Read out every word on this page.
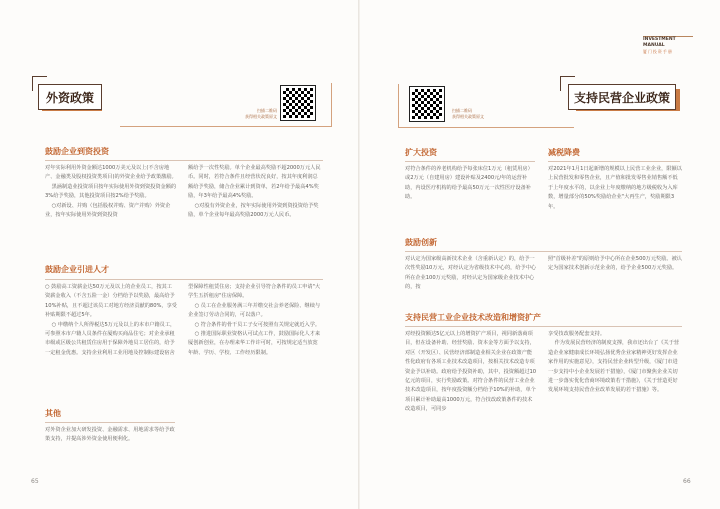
外资政策
扫描二维码
获得相关政策原文
鼓励企业到资投资
对年实际利用外资金额达1000万美元及以上(不含房地产、金融类及股权投资类项目)的外资企业给予政策激励。
黑涵制造业投资项目按年实际使用外资到资投资金额的3%给予奖励，其他投资项目按2%给予奖励。
○对新设、并购（包括股权并购、资产并购）外资企业，按年实际使用外资到资投资
额给予一次性奖励。单个企业最高奖励不超2000万元人民币。同时，若符合条件且经营状况良好，按其年度利润总额给予奖励，储合企业累计到资单，若2年给予最高4%奖励，年3年给予最高4%奖励。
○对股有外资企业，按年实际使用外资到资投资给予奖励，单个企业每年最高奖励2000万元人民币。
鼓励企业引进人才
○ 鼓励高工资薪金达50万元及以上的企业员工，按其工资薪金收入（不含五险一金）分档给予以奖励，最高给予10%补贴，且不超过该员工对地方经济贡献的80%，享受补贴期限不超过5年。
○ 申缴纳个人所得税达5万元及以上的本市户籍员工，可参照本市户籍人员条件在厦购买商品住宅；对企业承租市级或区级公共租赁住房用于保障外地员工居住的，给予一定租金优惠。支持企业利用工业用地及控制标建设宿舍
型保障性租赁住房；支持企业引导符合条件的员工申请"大学生五折租房"住房保障。
○ 员工在企业服务满三年并缴交社会养老保险、继续与企业签订劳动合同的，可以落户。
○ 符合条件的骨干员工子女可按照有关规定就近入学。
○ 推进国际职业资格认可试点工作，鼓励国际化人才来厦创新创业，在办理来华工作许可时，可按规定适当放宽年龄、学历、学校、工作经历限制。
其他
对外资企业加大研发投资、金融需求、用地需求等给予政策支持，并提高涉外资金使用便利化。
65
INVESTMENT
MANUAL
厦 门 投 资 手 册
扫描二维码
获得相关政策原文
支持民营企业政策
扩大投资
对符合条件的养老机构给予每张床位1万元（租赁用房）或2万元（自建用房）建设补贴及2400元/年的运营补助，内设医疗机构的给予最高50万元一次性医疗设备补助。
减税降费
对2021年1月1日起新增的规模以上民营工业企业，限额以上民营批发和零售企业，且产值和批发零售业销售额不低于上年度水平的，以企业上年度缴纳的地方级税收为入库数，增量部分的50%奖励给企业"大再生产，奖励期限3年。
鼓励创新
对认定为国家级高新技术企业（含重新认定）的，给予一次性奖励10万元，对经认定为省级技术中心的，给予中心所在企业100万元奖励，对经认定为国家级企业技术中心的，按
照"首级补差"的原则给予中心所在企业500万元奖励。被认定为国家技术创新示范企业的，给予企业500万元奖励。
支持民营工业企业技术改造和增资扩产
对经投资额达5亿元以上的增资扩产项目，视同新落商项目，但在设备补助、经营奖励、资本金等方面予以支持，对区（开发区）、民营经济部制造业相关企业在政策产能性化政府有各项工业技术改造项目，按相关技术改造专项资金予以补助。政府给予投资补助，其中，投资额超过10亿元的项目，实行奖励政策。对符合条件的民营工业企业技术改造项目，按年度投资额分档给予10%的补助，单个项目累计补助最高1000万元，符合技改政策条件的技术改造项目，可同步
享受技改服务配套支持。
作为发展民营经济的制度支撑，我市还出台了《关于营造企业家健康成长环境弘扬优秀企业家精神更好发挥企业家作用的实施意见》，支持民营企业转型升级，《厦门市进一步支持中小企业发展若干措施》，《厦门市聚焦企业关切进一步落实优化营商环境政策若干措施》，《关于营造更好发展环境支持民营企业改革发展的若干措施》等。
66
